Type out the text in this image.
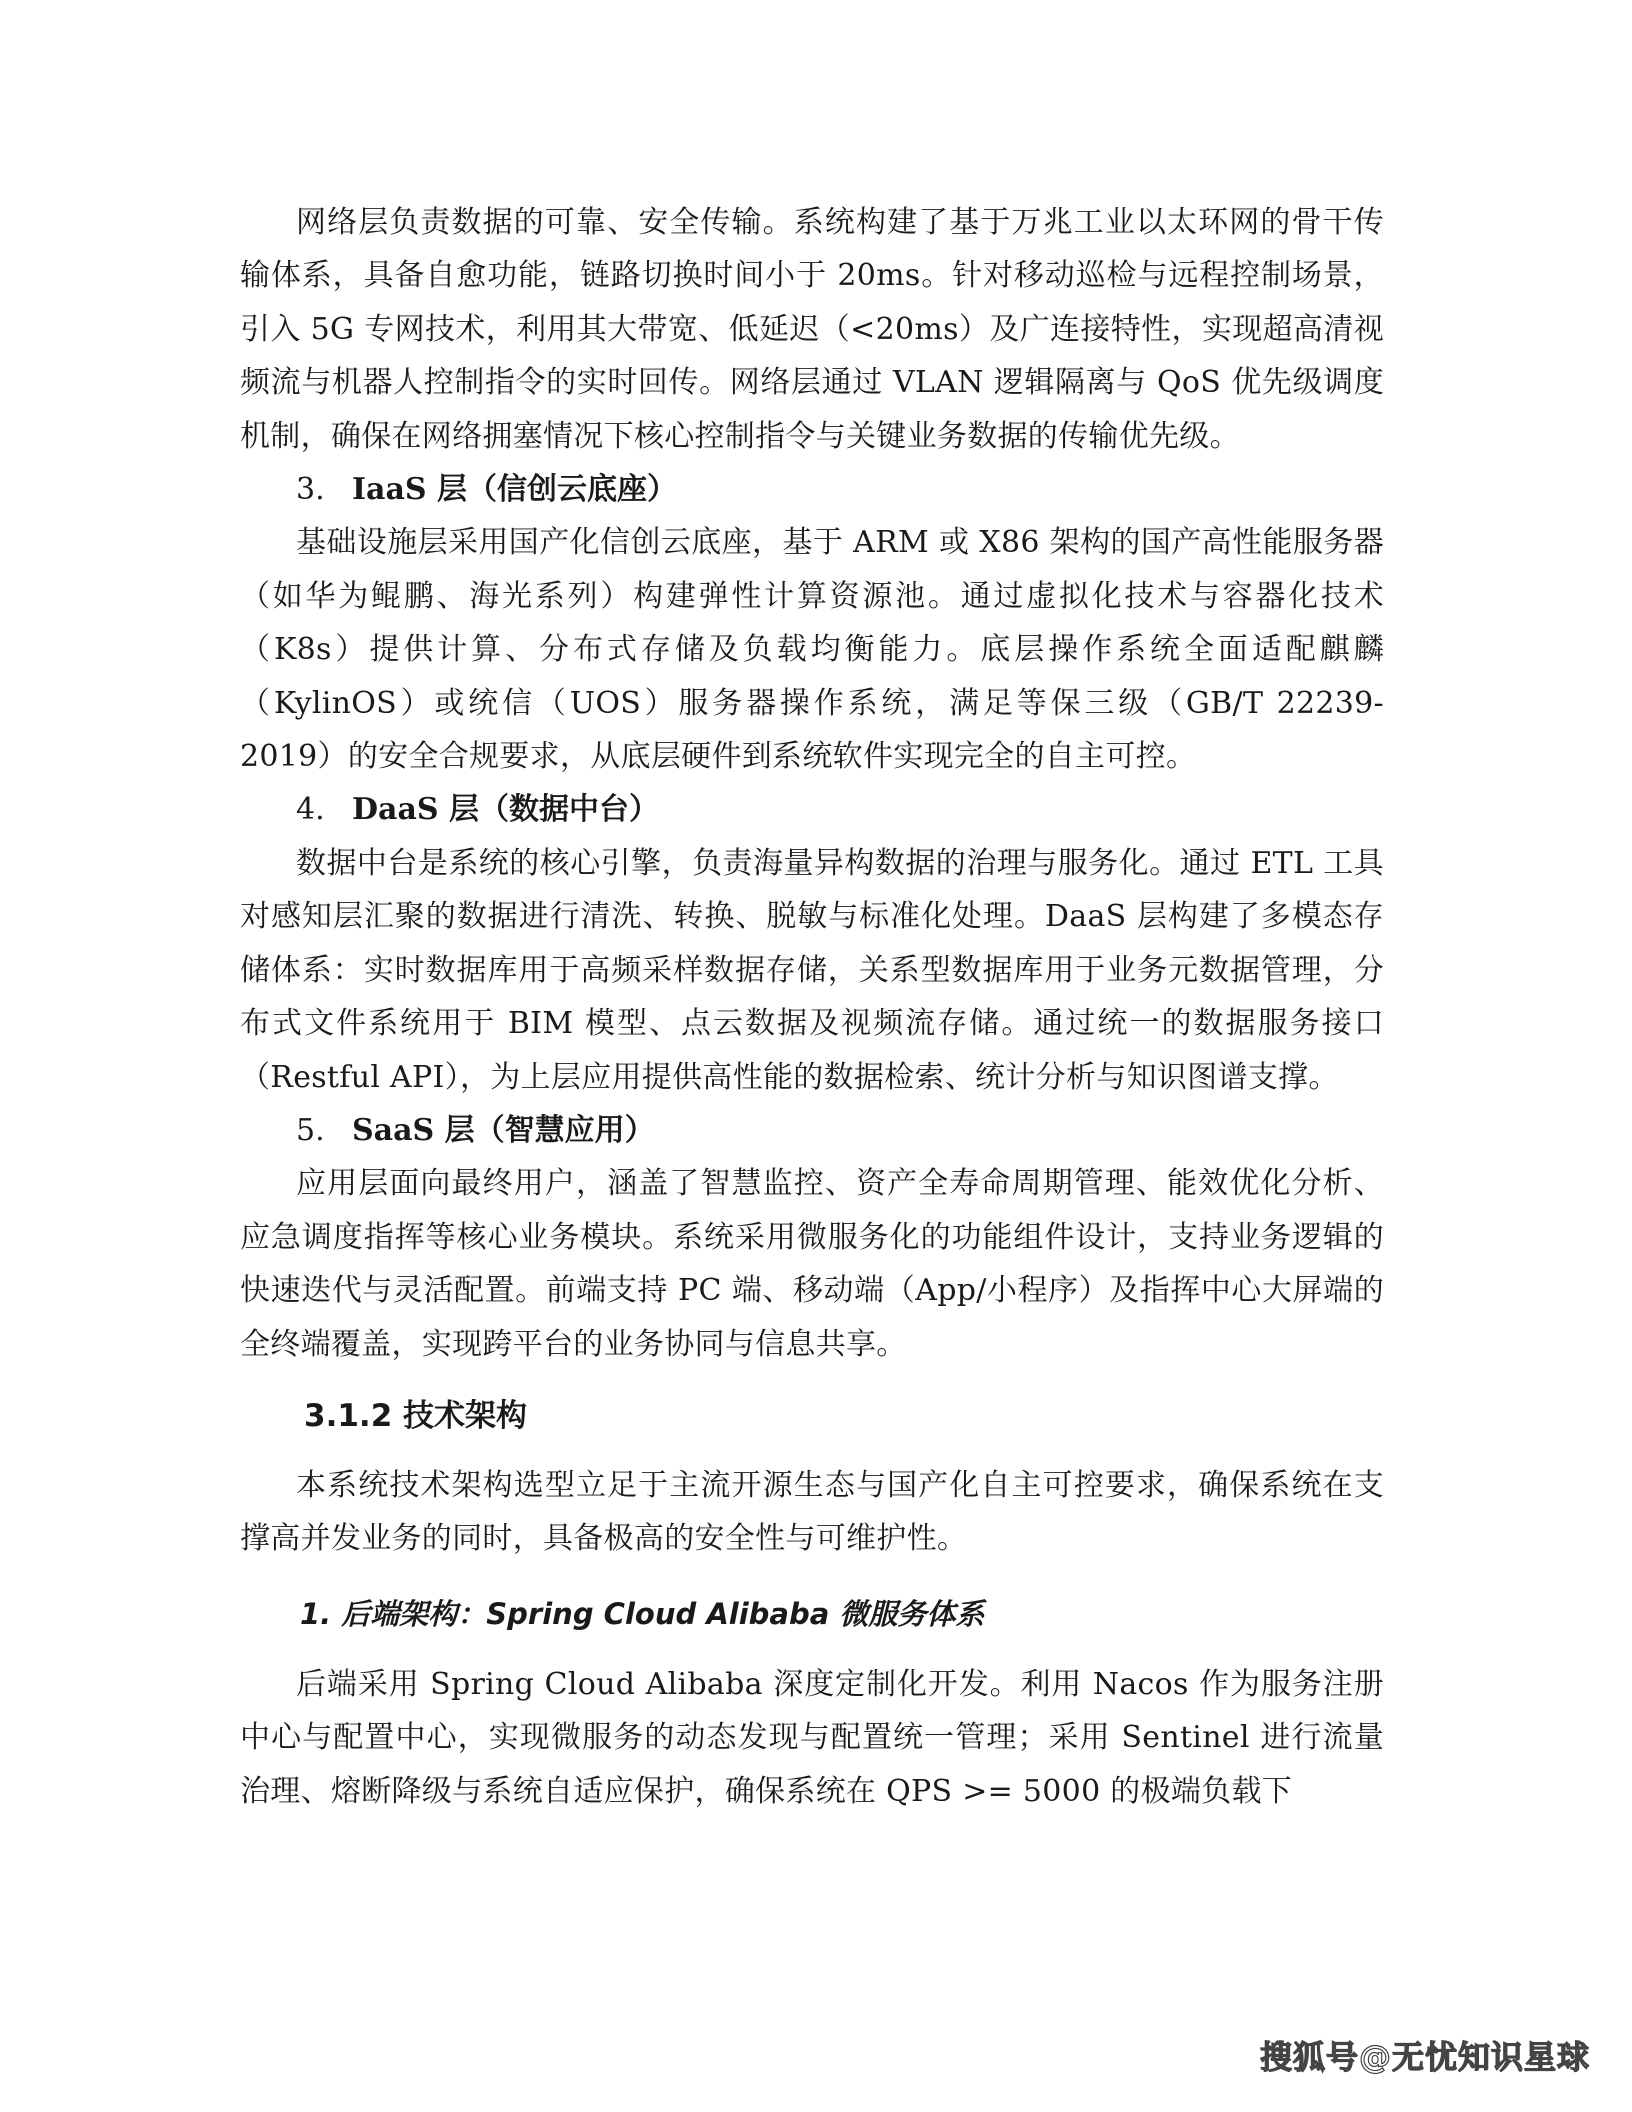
网络层负责数据的可靠、安全传输。系统构建了基于万兆工业以太环网的骨干传输体系，具备自愈功能，链路切换时间小于 20ms。针对移动巡检与远程控制场景，引入 5G 专网技术，利用其大带宽、低延迟（<20ms）及广连接特性，实现超高清视频流与机器人控制指令的实时回传。网络层通过 VLAN 逻辑隔离与 QoS 优先级调度机制，确保在网络拥塞情况下核心控制指令与关键业务数据的传输优先级。

3. IaaS 层（信创云底座）

基础设施层采用国产化信创云底座，基于 ARM 或 X86 架构的国产高性能服务器（如华为鲲鹏、海光系列）构建弹性计算资源池。通过虚拟化技术与容器化技术（K8s）提供计算、分布式存储及负载均衡能力。底层操作系统全面适配麒麟（KylinOS）或统信（UOS）服务器操作系统，满足等保三级（GB/T 22239-2019）的安全合规要求，从底层硬件到系统软件实现完全的自主可控。

4. DaaS 层（数据中台）

数据中台是系统的核心引擎，负责海量异构数据的治理与服务化。通过 ETL 工具对感知层汇聚的数据进行清洗、转换、脱敏与标准化处理。DaaS 层构建了多模态存储体系：实时数据库用于高频采样数据存储，关系型数据库用于业务元数据管理，分布式文件系统用于 BIM 模型、点云数据及视频流存储。通过统一的数据服务接口（Restful API），为上层应用提供高性能的数据检索、统计分析与知识图谱支撑。

5. SaaS 层（智慧应用）

应用层面向最终用户，涵盖了智慧监控、资产全寿命周期管理、能效优化分析、应急调度指挥等核心业务模块。系统采用微服务化的功能组件设计，支持业务逻辑的快速迭代与灵活配置。前端支持 PC 端、移动端（App/小程序）及指挥中心大屏端的全终端覆盖，实现跨平台的业务协同与信息共享。

3.1.2 技术架构

本系统技术架构选型立足于主流开源生态与国产化自主可控要求，确保系统在支撑高并发业务的同时，具备极高的安全性与可维护性。

1. 后端架构：Spring Cloud Alibaba 微服务体系

后端采用 Spring Cloud Alibaba 深度定制化开发。利用 Nacos 作为服务注册中心与配置中心，实现微服务的动态发现与配置统一管理；采用 Sentinel 进行流量治理、熔断降级与系统自适应保护，确保系统在 QPS >= 5000 的极端负载下

搜狐号@无忧知识星球
